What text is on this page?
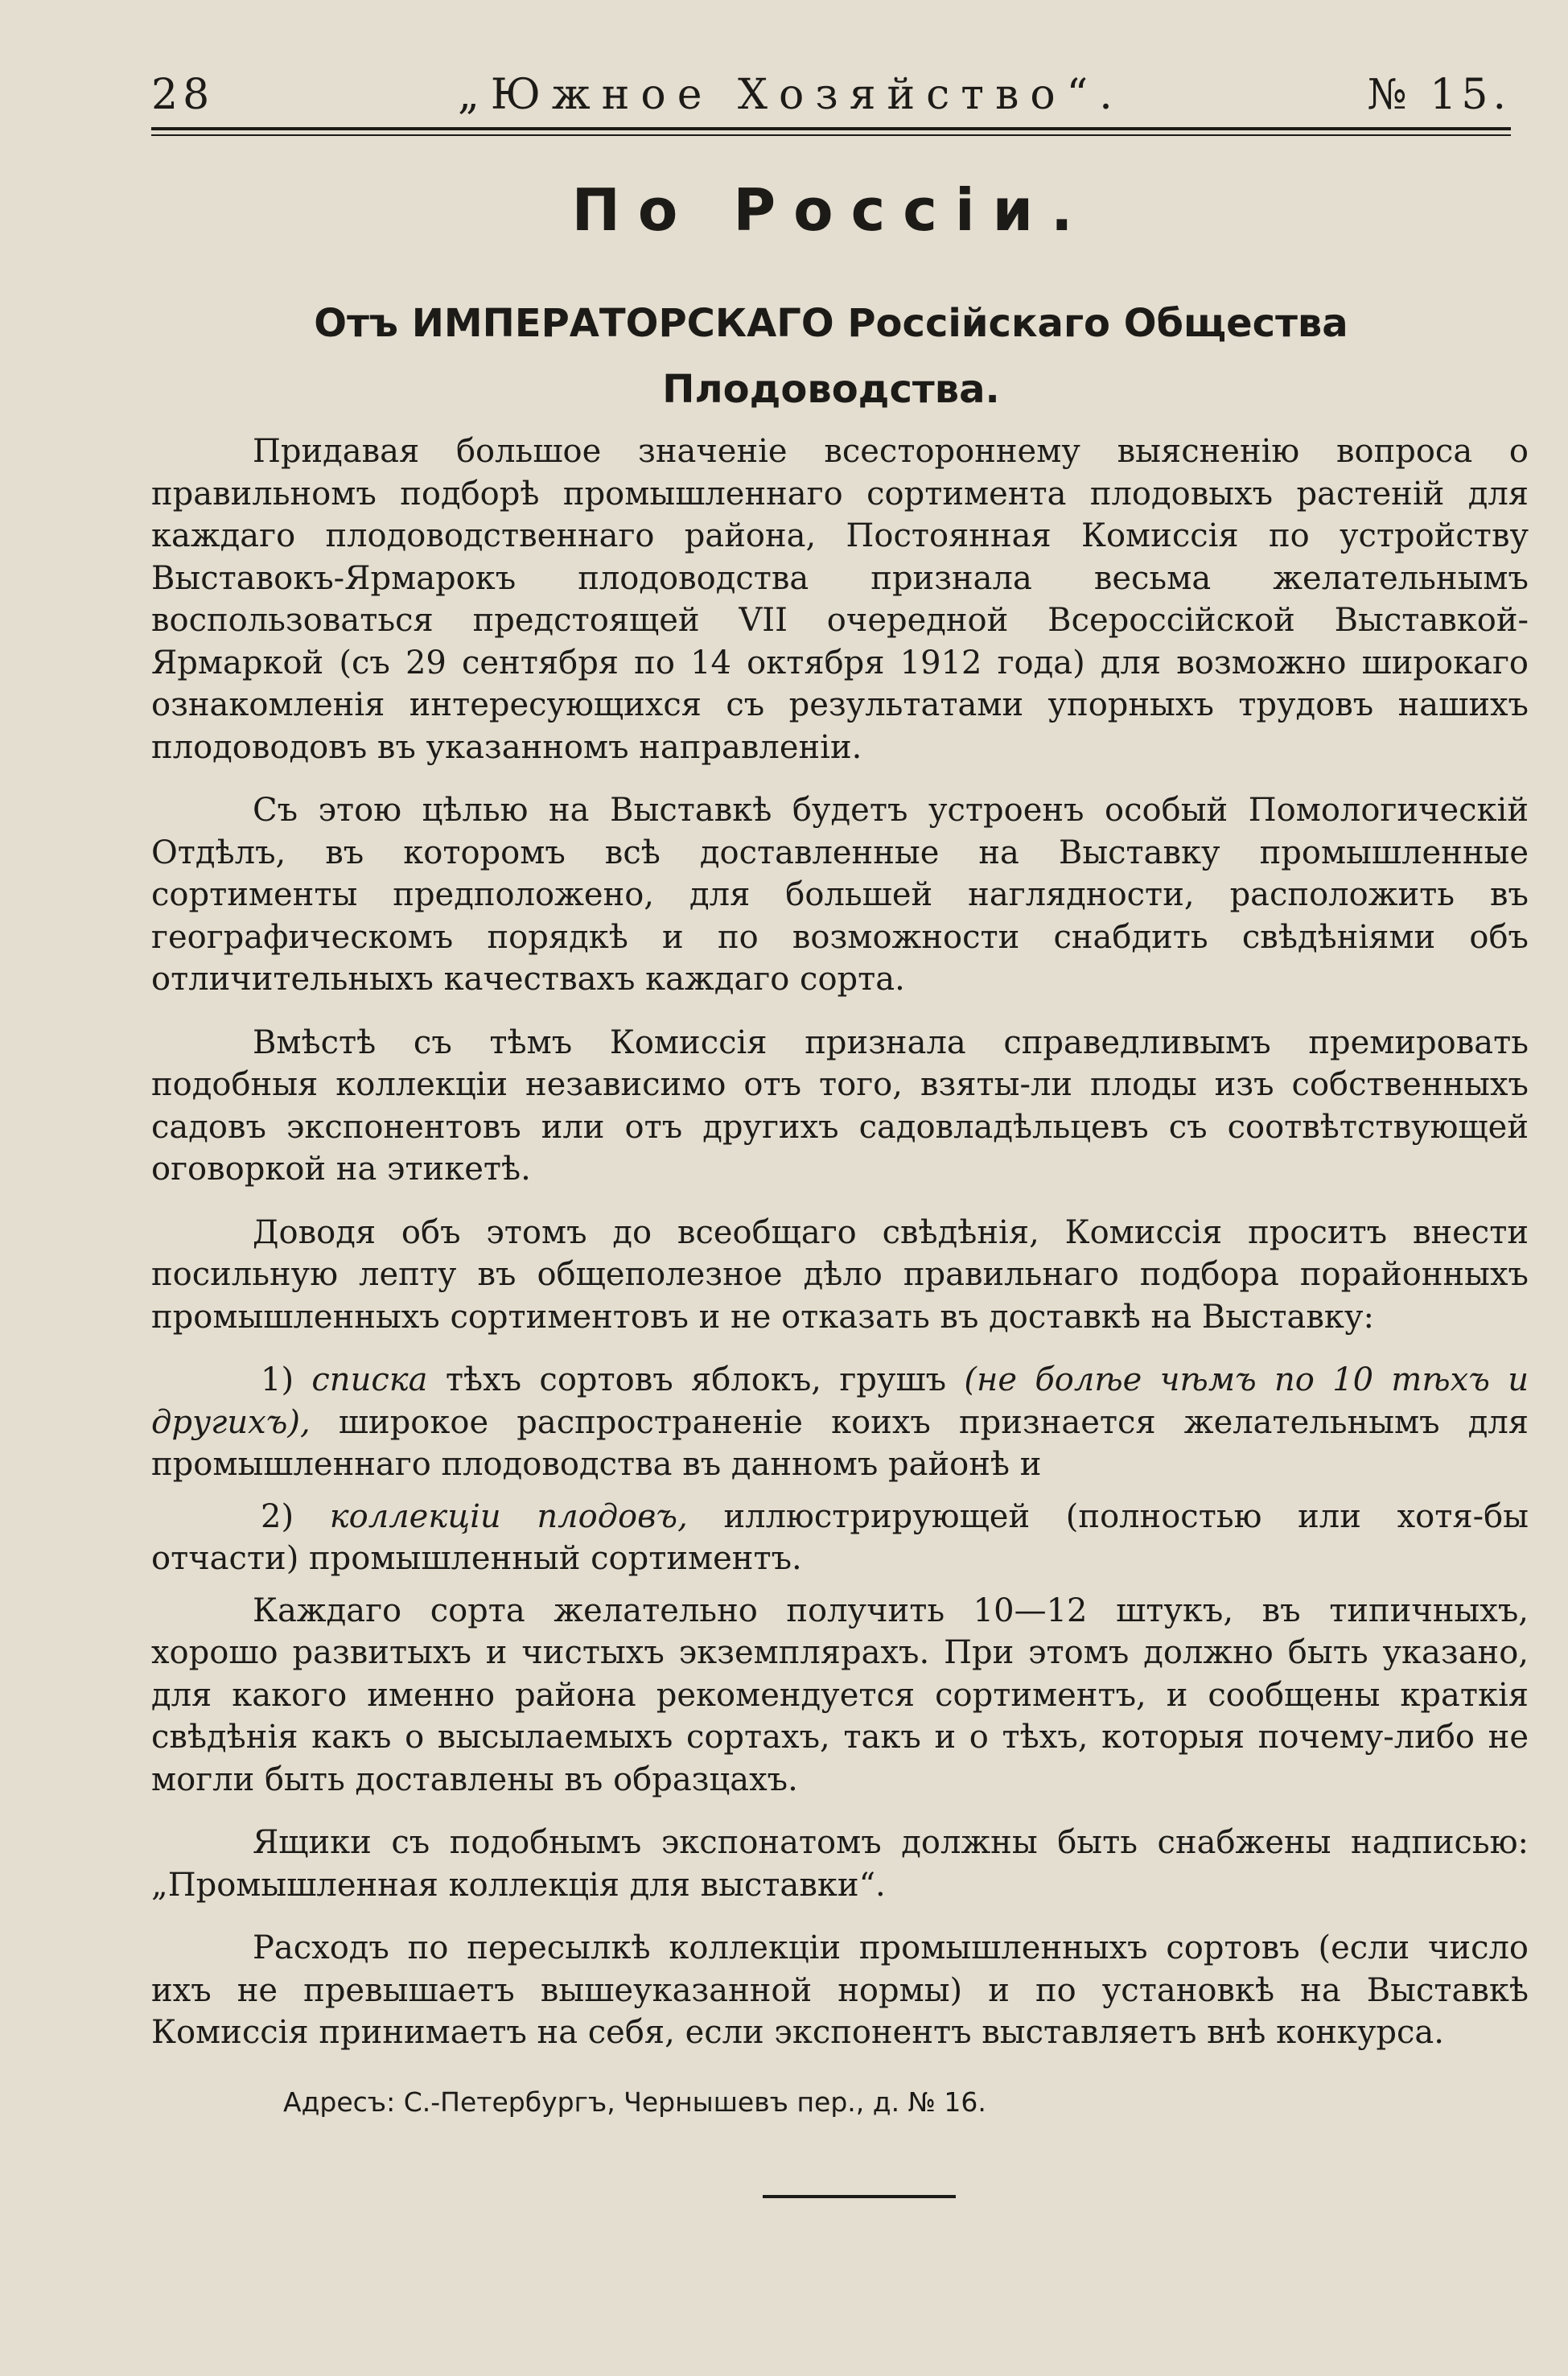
28	„Южное Хозяйство“.	№ 15.
По Россіи.
Отъ ИМПЕРАТОРСКАГО Россійскаго Общества Плодоводства.

Придавая большое значеніе всестороннему выясненію вопроса о правильномъ подборѣ промышленнаго сортимента плодовыхъ растеній для каждаго плодоводственнаго района, Постоянная Комиссія по устройству Выставокъ-Ярмарокъ плодоводства признала весьма желательнымъ воспользоваться предстоящей VII очередной Всероссійской Выставкой-Ярмаркой (съ 29 сентября по 14 октября 1912 года) для возможно широкаго ознакомленія интересующихся съ результатами упорныхъ трудовъ нашихъ плодоводовъ въ указанномъ направленіи.

Съ этою цѣлью на Выставкѣ будетъ устроенъ особый Помологическій Отдѣлъ, въ которомъ всѣ доставленные на Выставку промышленные сортименты предположено, для большей наглядности, расположить въ географическомъ порядкѣ и по возможности снабдить свѣдѣніями объ отличительныхъ качествахъ каждаго сорта.

Вмѣстѣ съ тѣмъ Комиссія признала справедливымъ премировать подобныя коллекціи независимо отъ того, взяты-ли плоды изъ собственныхъ садовъ экспонентовъ или отъ другихъ садовладѣльцевъ съ соотвѣтствующей оговоркой на этикетѣ.

Доводя объ этомъ до всеобщаго свѣдѣнія, Комиссія проситъ внести посильную лепту въ общеполезное дѣло правильнаго подбора порайонныхъ промышленныхъ сортиментовъ и не отказать въ доставкѣ на Выставку:

1) списка тѣхъ сортовъ яблокъ, грушъ (не болѣе чѣмъ по 10 тѣхъ и другихъ), широкое распространеніе коихъ признается желательнымъ для промышленнаго плодоводства въ данномъ районѣ и

2) коллекціи плодовъ, иллюстрирующей (полностью или хотя-бы отчасти) промышленный сортиментъ.

Каждаго сорта желательно получить 10—12 штукъ, въ типичныхъ, хорошо развитыхъ и чистыхъ экземплярахъ. При этомъ должно быть указано, для какого именно района рекомендуется сортиментъ, и сообщены краткія свѣдѣнія какъ о высылаемыхъ сортахъ, такъ и о тѣхъ, которыя почему-либо не могли быть доставлены въ образцахъ.

Ящики съ подобнымъ экспонатомъ должны быть снабжены надписью: „Промышленная коллекція для выставки“.

Расходъ по пересылкѣ коллекціи промышленныхъ сортовъ (если число ихъ не превышаетъ вышеуказанной нормы) и по установкѣ на Выставкѣ Комиссія принимаетъ на себя, если экспонентъ выставляетъ внѣ конкурса.

Адресъ: С.-Петербургъ, Чернышевъ пер., д. № 16.
